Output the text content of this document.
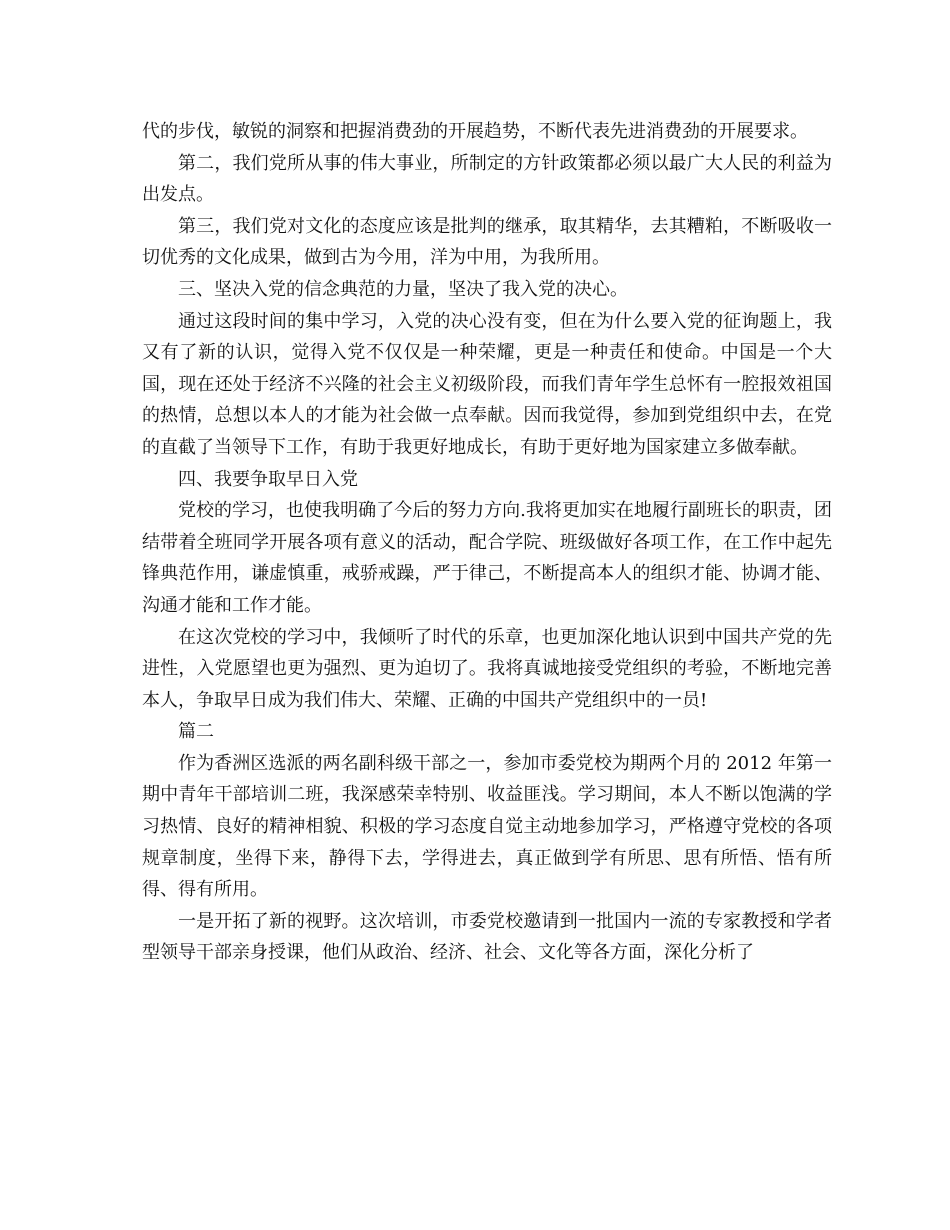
代的步伐，敏锐的洞察和把握消费劲的开展趋势，不断代表先进消费劲的开展要求。

第二，我们党所从事的伟大事业，所制定的方针政策都必须以最广大人民的利益为出发点。

第三，我们党对文化的态度应该是批判的继承，取其精华，去其糟粕，不断吸收一切优秀的文化成果，做到古为今用，洋为中用，为我所用。

三、坚决入党的信念典范的力量，坚决了我入党的决心。

通过这段时间的集中学习，入党的决心没有变，但在为什么要入党的征询题上，我又有了新的认识，觉得入党不仅仅是一种荣耀，更是一种责任和使命。中国是一个大国，现在还处于经济不兴隆的社会主义初级阶段，而我们青年学生总怀有一腔报效祖国的热情，总想以本人的才能为社会做一点奉献。因而我觉得，参加到党组织中去，在党的直截了当领导下工作，有助于我更好地成长，有助于更好地为国家建立多做奉献。

四、我要争取早日入党

党校的学习，也使我明确了今后的努力方向.我将更加实在地履行副班长的职责，团结带着全班同学开展各项有意义的活动，配合学院、班级做好各项工作，在工作中起先锋典范作用，谦虚慎重，戒骄戒躁，严于律己，不断提高本人的组织才能、协调才能、沟通才能和工作才能。

在这次党校的学习中，我倾听了时代的乐章，也更加深化地认识到中国共产党的先进性，入党愿望也更为强烈、更为迫切了。我将真诚地接受党组织的考验，不断地完善本人，争取早日成为我们伟大、荣耀、正确的中国共产党组织中的一员!

篇二

作为香洲区选派的两名副科级干部之一，参加市委党校为期两个月的 2012 年第一期中青年干部培训二班，我深感荣幸特别、收益匪浅。学习期间，本人不断以饱满的学习热情、良好的精神相貌、积极的学习态度自觉主动地参加学习，严格遵守党校的各项规章制度，坐得下来，静得下去，学得进去，真正做到学有所思、思有所悟、悟有所得、得有所用。

一是开拓了新的视野。这次培训，市委党校邀请到一批国内一流的专家教授和学者型领导干部亲身授课，他们从政治、经济、社会、文化等各方面，深化分析了
